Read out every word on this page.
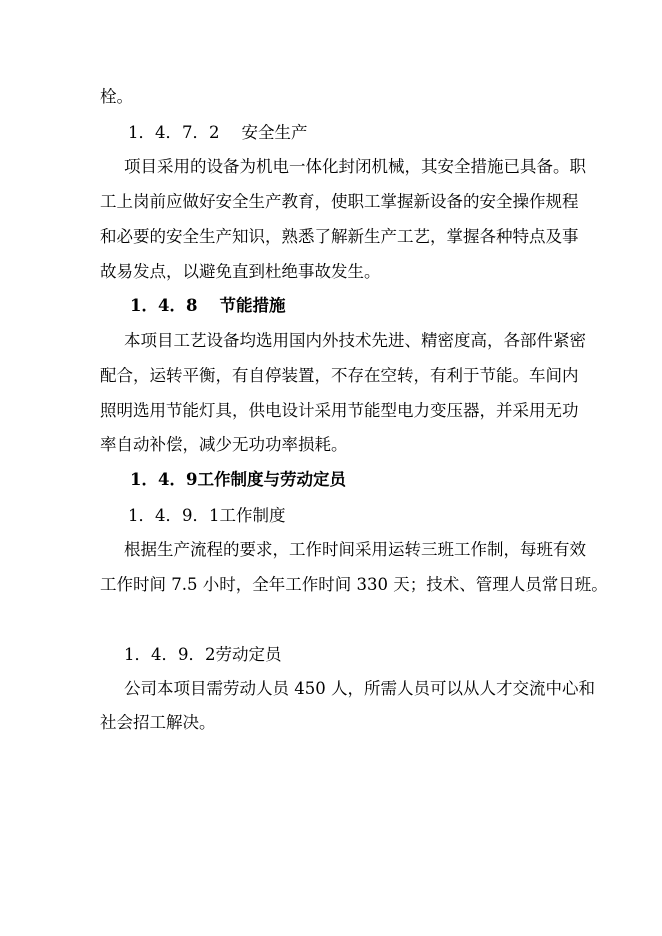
栓。

1．4．7．2 安全生产

项目采用的设备为机电一体化封闭机械，其安全措施已具备。职

工上岗前应做好安全生产教育，使职工掌握新设备的安全操作规程

和必要的安全生产知识，熟悉了解新生产工艺，掌握各种特点及事

故易发点，以避免直到杜绝事故发生。

1．4．8 节能措施

本项目工艺设备均选用国内外技术先进、精密度高，各部件紧密

配合，运转平衡，有自停装置，不存在空转，有利于节能。车间内

照明选用节能灯具，供电设计采用节能型电力变压器，并采用无功

率自动补偿，减少无功功率损耗。

1．4．9工作制度与劳动定员

1．4．9．1工作制度

根据生产流程的要求，工作时间采用运转三班工作制，每班有效

工作时间 7.5 小时，全年工作时间 330 天；技术、管理人员常日班。

1．4．9．2劳动定员

公司本项目需劳动人员 450 人，所需人员可以从人才交流中心和

社会招工解决。
